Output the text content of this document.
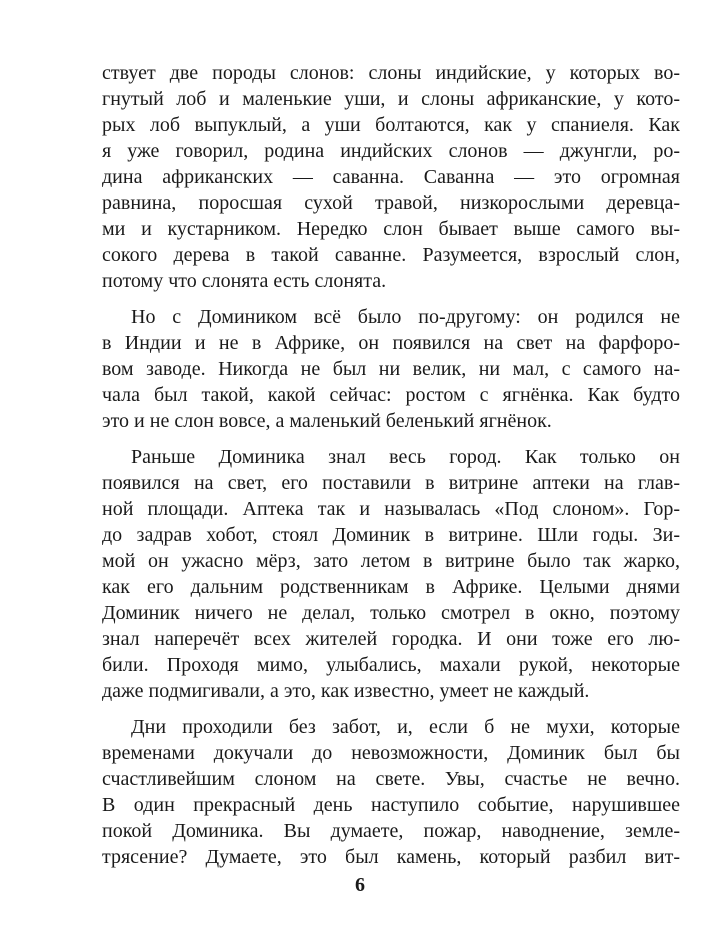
ствует две породы слонов: слоны индийские, у которых во-
гнутый лоб и маленькие уши, и слоны африканские, у кото-
рых лоб выпуклый, а уши болтаются, как у спаниеля. Как
я уже говорил, родина индийских слонов — джунгли, ро-
дина африканских — саванна. Саванна — это огромная
равнина, поросшая сухой травой, низкорослыми деревца-
ми и кустарником. Нередко слон бывает выше самого вы-
сокого дерева в такой саванне. Разумеется, взрослый слон,
потому что слонята есть слонята.
Но с Домиником всё было по-другому: он родился не
в Индии и не в Африке, он появился на свет на фарфоро-
вом заводе. Никогда не был ни велик, ни мал, с самого на-
чала был такой, какой сейчас: ростом с ягнёнка. Как будто
это и не слон вовсе, а маленький беленький ягнёнок.
Раньше Доминика знал весь город. Как только он
появился на свет, его поставили в витрине аптеки на глав-
ной площади. Аптека так и называлась «Под слоном». Гор-
до задрав хобот, стоял Доминик в витрине. Шли годы. Зи-
мой он ужасно мёрз, зато летом в витрине было так жарко,
как его дальним родственникам в Африке. Целыми днями
Доминик ничего не делал, только смотрел в окно, поэтому
знал наперечёт всех жителей городка. И они тоже его лю-
били. Проходя мимо, улыбались, махали рукой, некоторые
даже подмигивали, а это, как известно, умеет не каждый.
Дни проходили без забот, и, если б не мухи, которые
временами докучали до невозможности, Доминик был бы
счастливейшим слоном на свете. Увы, счастье не вечно.
В один прекрасный день наступило событие, нарушившее
покой Доминика. Вы думаете, пожар, наводнение, земле-
трясение? Думаете, это был камень, который разбил вит-
6
